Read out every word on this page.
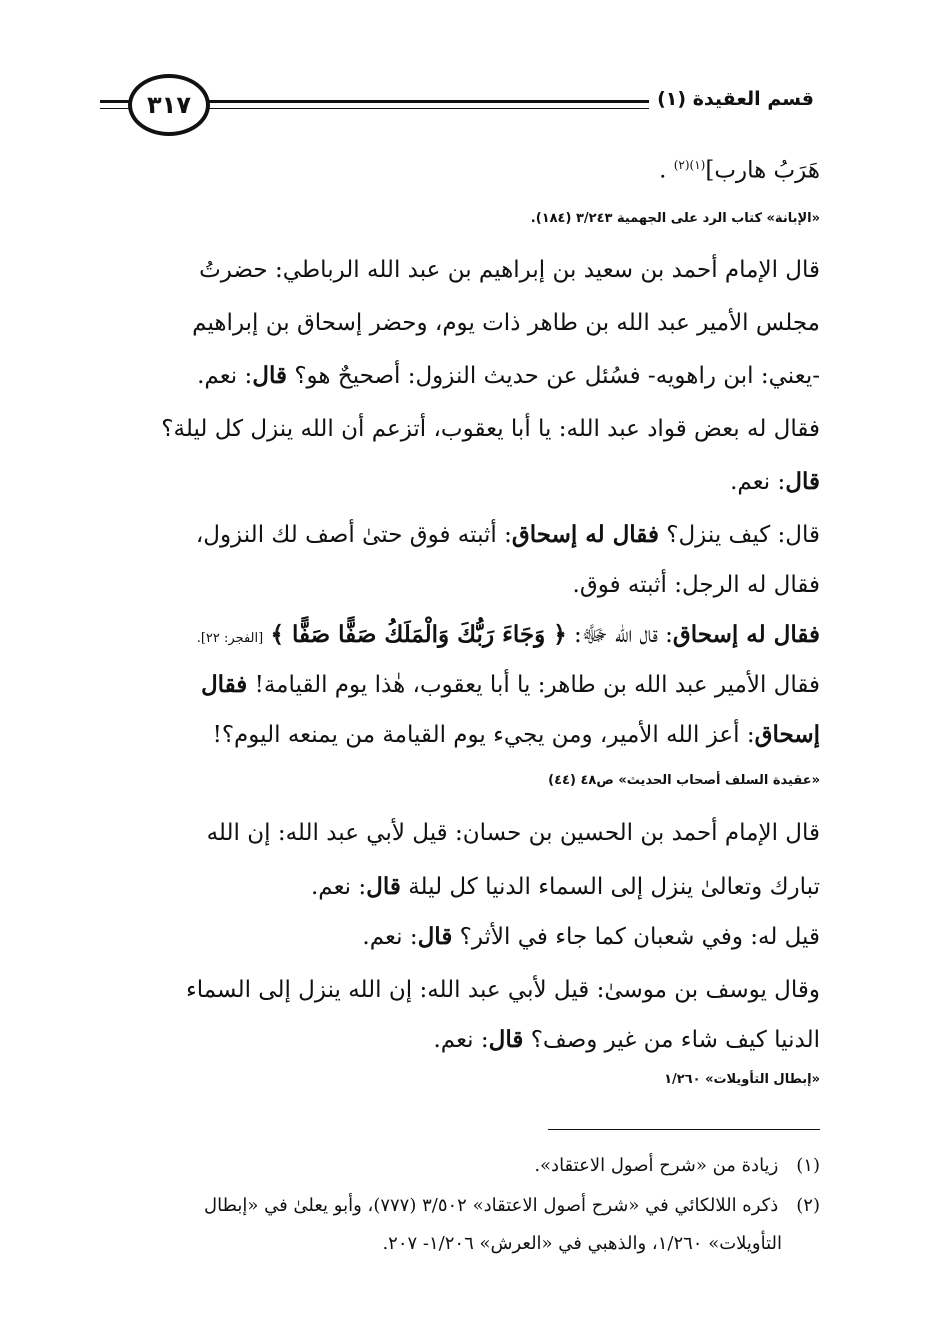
قسم العقيدة (١)
٣١٧
هَرَبُ هارب]$^{(١)(٢)}$ .
«الإبانة» كتاب الرد على الجهمية ٣/٢٤٣ (١٨٤).
قال الإمام أحمد بن سعيد بن إبراهيم بن عبد الله الرباطي: حضرتُ
مجلس الأمير عبد الله بن طاهر ذات يوم، وحضر إسحاق بن إبراهيم
-يعني: ابن راهويه- فسُئل عن حديث النزول: أصحيحٌ هو؟ قال: نعم.
فقال له بعض قواد عبد الله: يا أبا يعقوب، أتزعم أن الله ينزل كل ليلة؟
قال: نعم.
قال: كيف ينزل؟ فقال له إسحاق: أثبته فوق حتىٰ أصف لك النزول،
فقال له الرجل: أثبته فوق.
فقال له إسحاق: قال الله ﷻ: ﴿ وَجَاءَ رَبُّكَ وَالْمَلَكُ صَفًّا صَفًّا ﴾ [الفجر: ٢٢].
فقال الأمير عبد الله بن طاهر: يا أبا يعقوب، هٰذا يوم القيامة! فقال
إسحاق: أعز الله الأمير، ومن يجيء يوم القيامة من يمنعه اليوم؟!
«عقيدة السلف أصحاب الحديث» ص٤٨ (٤٤)
قال الإمام أحمد بن الحسين بن حسان: قيل لأبي عبد الله: إن الله
تبارك وتعالىٰ ينزل إلى السماء الدنيا كل ليلة قال: نعم.
قيل له: وفي شعبان كما جاء في الأثر؟ قال: نعم.
وقال يوسف بن موسىٰ: قيل لأبي عبد الله: إن الله ينزل إلى السماء
الدنيا كيف شاء من غير وصف؟ قال: نعم.
«إبطال التأويلات» ١/٢٦٠
(١) زيادة من «شرح أصول الاعتقاد».
(٢) ذكره اللالكائي في «شرح أصول الاعتقاد» ٣/٥٠٢ (٧٧٧)، وأبو يعلىٰ في «إبطال
التأويلات» ١/٢٦٠، والذهبي في «العرش» ١/٢٠٦- ٢٠٧.
